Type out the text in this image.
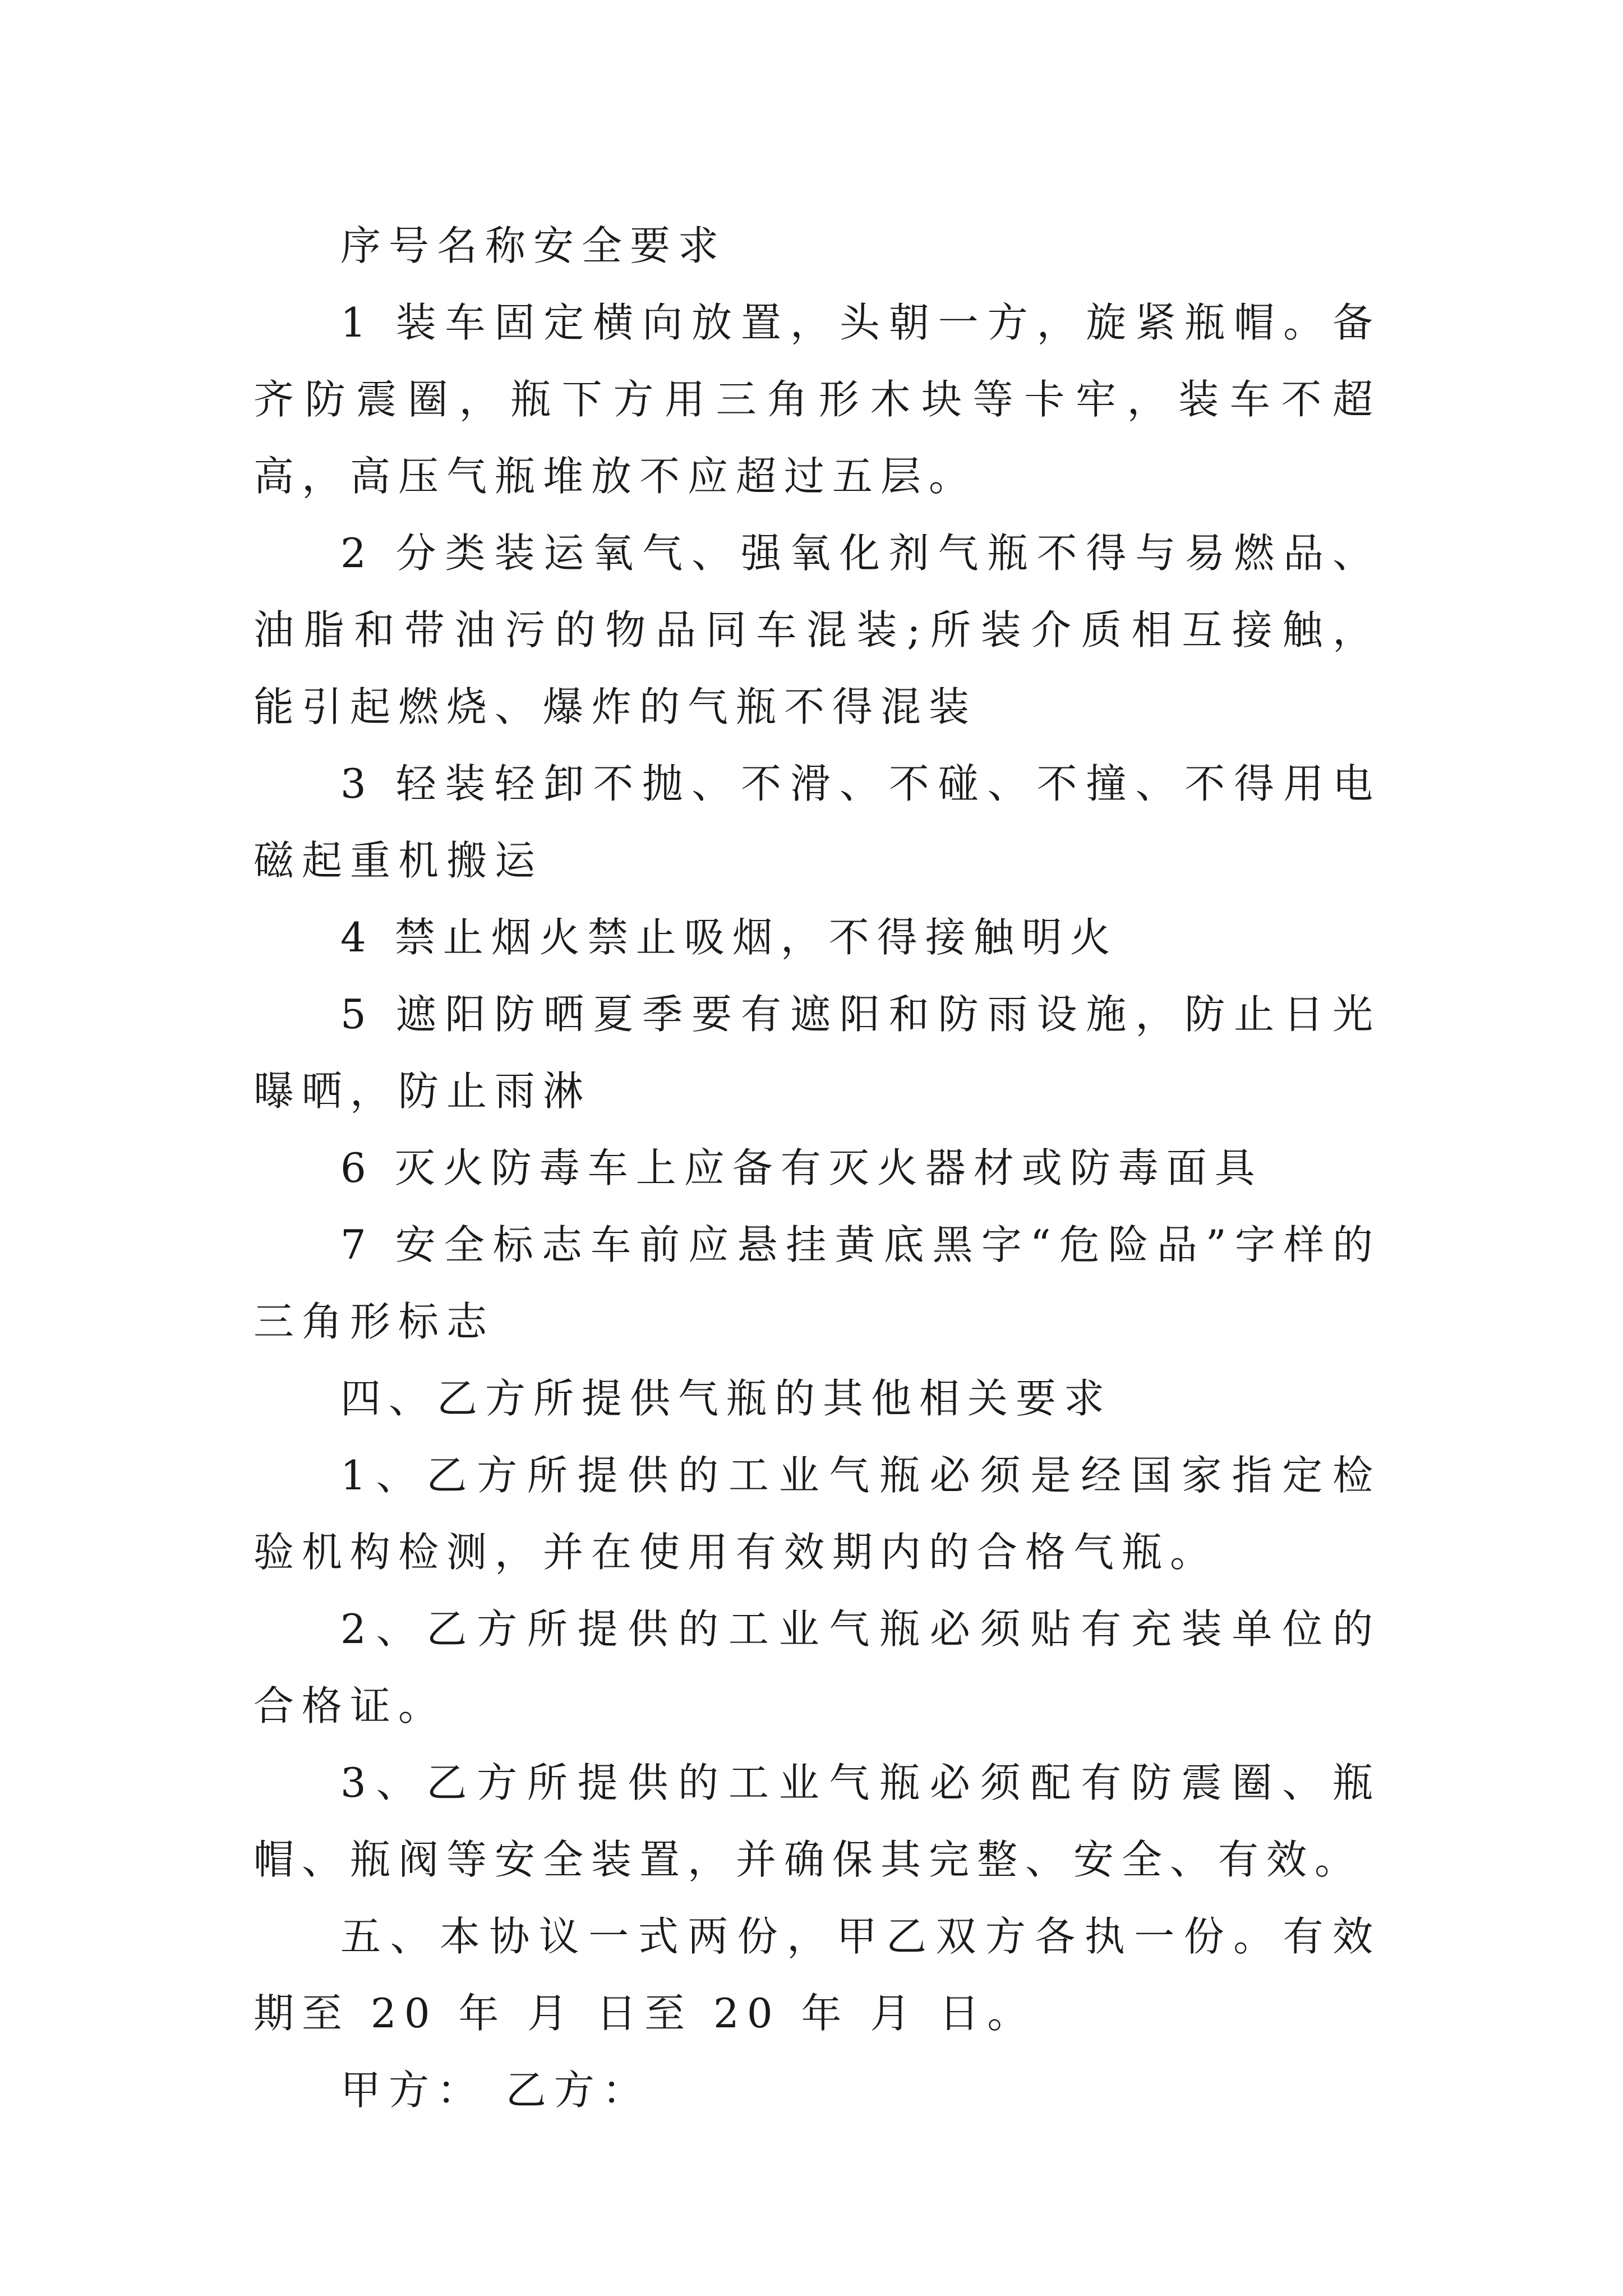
序号名称安全要求

1 装车固定横向放置，头朝一方，旋紧瓶帽。备齐防震圈，瓶下方用三角形木块等卡牢，装车不超高，高压气瓶堆放不应超过五层。

2 分类装运氧气、强氧化剂气瓶不得与易燃品、油脂和带油污的物品同车混装;所装介质相互接触，能引起燃烧、爆炸的气瓶不得混装

3 轻装轻卸不抛、不滑、不碰、不撞、不得用电磁起重机搬运

4 禁止烟火禁止吸烟，不得接触明火

5 遮阳防晒夏季要有遮阳和防雨设施，防止日光曝晒，防止雨淋

6 灭火防毒车上应备有灭火器材或防毒面具

7 安全标志车前应悬挂黄底黑字“危险品”字样的三角形标志

四、乙方所提供气瓶的其他相关要求

1、乙方所提供的工业气瓶必须是经国家指定检验机构检测，并在使用有效期内的合格气瓶。

2、乙方所提供的工业气瓶必须贴有充装单位的合格证。

3、乙方所提供的工业气瓶必须配有防震圈、瓶帽、瓶阀等安全装置，并确保其完整、安全、有效。

五、本协议一式两份，甲乙双方各执一份。有效期至 20 年 月 日至 20 年 月 日。

甲方： 乙方：
